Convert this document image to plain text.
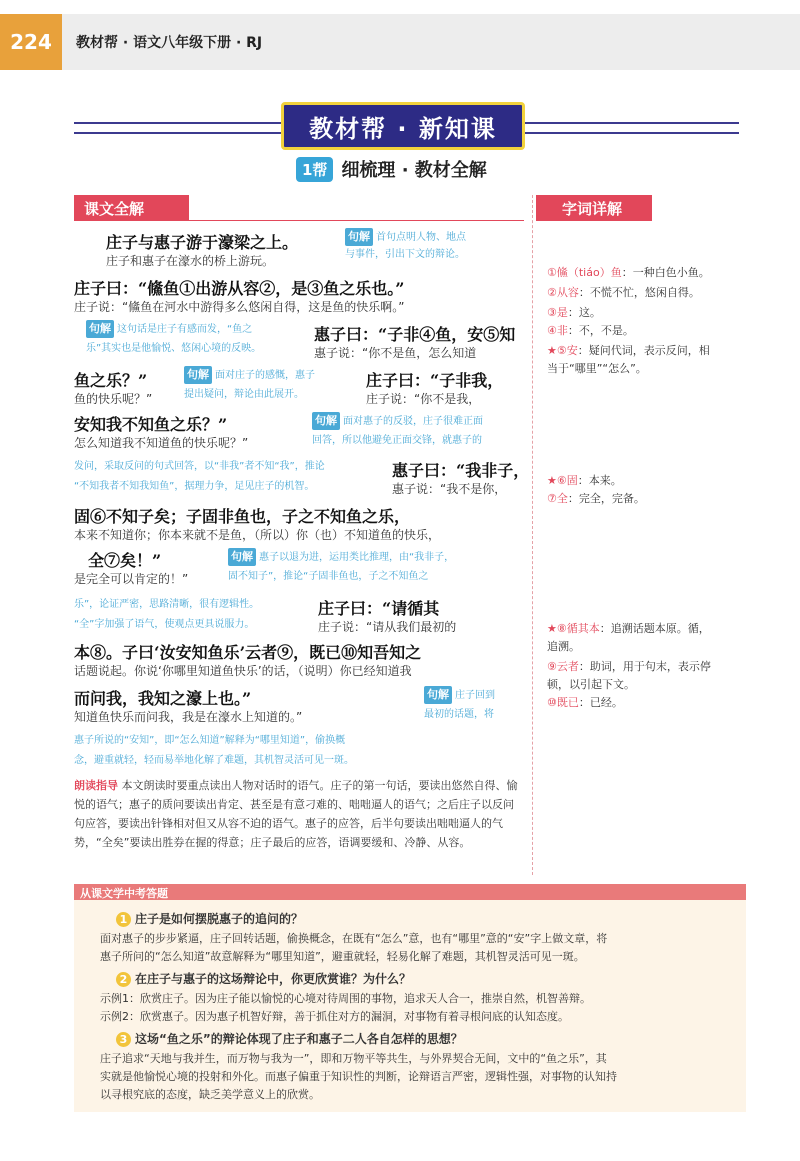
224	教材帮 · 语文八年级下册 · RJ
教材帮 · 新知课
1帮 细梳理 · 教材全解
课文全解	字词详解
庄子与惠子游于濠梁之上。
庄子和惠子在濠水的桥上游玩。
句解 首句点明人物、地点
与事件，引出下文的辩论。
庄子曰：“鯈鱼①出游从容②，是③鱼之乐也。”
庄子说：“鯈鱼在河水中游得多么悠闲自得，这是鱼的快乐啊。”
句解 这句话是庄子有感而发，“鱼之
乐”其实也是他愉悦、悠闲心境的反映。
惠子曰：“子非④鱼，安⑤知
惠子说：“你不是鱼，怎么知道
鱼之乐？”
鱼的快乐呢？”
句解 面对庄子的感慨，惠子
提出疑问，辩论由此展开。
庄子曰：“子非我，
庄子说：“你不是我，
安知我不知鱼之乐？”
怎么知道我不知道鱼的快乐呢？”
句解 面对惠子的反驳，庄子很难正面
回答，所以他避免正面交锋，就惠子的
发问，采取反问的句式回答，以“非我”者不知“我”，推论
“不知我者不知我知鱼”，据理力争，足见庄子的机智。
惠子曰：“我非子，
惠子说：“我不是你，
固⑥不知子矣；子固非鱼也，子之不知鱼之乐，
本来不知道你；你本来就不是鱼，（所以）你（也）不知道鱼的快乐，
全⑦矣！”
是完全可以肯定的！”
句解 惠子以退为进，运用类比推理，由“我非子，
固不知子”，推论“子固非鱼也，子之不知鱼之
乐”，论证严密，思路清晰，很有逻辑性。
“全”字加强了语气，使观点更具说服力。
庄子曰：“请循其
庄子说：“请从我们最初的
本⑧。子曰‘汝安知鱼乐’云者⑨，既已⑩知吾知之
话题说起。你说‘你哪里知道鱼快乐’的话，（说明）你已经知道我
而问我，我知之濠上也。”
知道鱼快乐而问我，我是在濠水上知道的。”
句解 庄子回到
最初的话题，将
惠子所说的“安知”，即“怎么知道”解释为“哪里知道”，偷换概
念，避重就轻，轻而易举地化解了难题，其机智灵活可见一斑。
①鯈（tiáo）鱼：一种白色小鱼。
②从容：不慌不忙，悠闲自得。
③是：这。
④非：不，不是。
★⑤安：疑问代词，表示反问，相
当于“哪里”“怎么”。
★⑥固：本来。
⑦全：完全，完备。
★⑧循其本：追溯话题本原。循，
追溯。
⑨云者：助词，用于句末，表示停
顿，以引起下文。
⑩既已：已经。
朗读指导 本文朗读时要重点读出人物对话时的语气。庄子的第一句话，要读出悠然自得、愉悦的语气；惠子的质问要读出肯定、甚至是有意刁难的、咄咄逼人的语气；之后庄子以反问句应答，要读出针锋相对但又从容不迫的语气。惠子的应答，后半句要读出咄咄逼人的气势，“全矣”要读出胜券在握的得意；庄子最后的应答，语调要缓和、冷静、从容。
从课文学中考答题
1 庄子是如何摆脱惠子的追问的？
面对惠子的步步紧逼，庄子回转话题，偷换概念，在既有“怎么”意，也有“哪里”意的“安”字上做文章，将
惠子所问的“怎么知道”故意解释为“哪里知道”，避重就轻，轻易化解了难题，其机智灵活可见一斑。
2 在庄子与惠子的这场辩论中，你更欣赏谁？为什么？
示例1：欣赏庄子。因为庄子能以愉悦的心境对待周围的事物，追求天人合一，推崇自然，机智善辩。
示例2：欣赏惠子。因为惠子机智好辩，善于抓住对方的漏洞，对事物有着寻根问底的认知态度。
3 这场“鱼之乐”的辩论体现了庄子和惠子二人各自怎样的思想？
庄子追求“天地与我并生，而万物与我为一”，即和万物平等共生，与外界契合无间，文中的“鱼之乐”，其
实就是他愉悦心境的投射和外化。而惠子偏重于知识性的判断，论辩语言严密，逻辑性强，对事物的认知持
以寻根究底的态度，缺乏美学意义上的欣赏。
